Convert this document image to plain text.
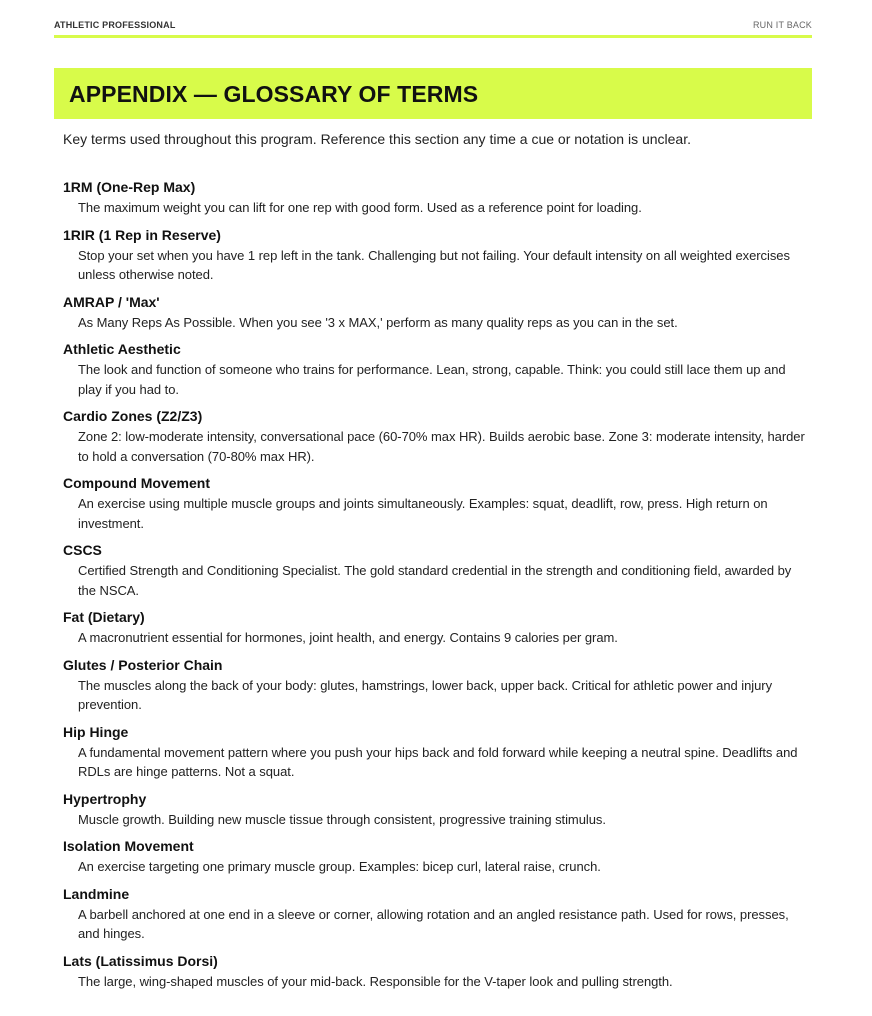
ATHLETIC PROFESSIONAL	RUN IT BACK
APPENDIX — GLOSSARY OF TERMS
Key terms used throughout this program. Reference this section any time a cue or notation is unclear.
1RM (One-Rep Max)
The maximum weight you can lift for one rep with good form. Used as a reference point for loading.
1RIR (1 Rep in Reserve)
Stop your set when you have 1 rep left in the tank. Challenging but not failing. Your default intensity on all weighted exercises unless otherwise noted.
AMRAP / 'Max'
As Many Reps As Possible. When you see '3 x MAX,' perform as many quality reps as you can in the set.
Athletic Aesthetic
The look and function of someone who trains for performance. Lean, strong, capable. Think: you could still lace them up and play if you had to.
Cardio Zones (Z2/Z3)
Zone 2: low-moderate intensity, conversational pace (60-70% max HR). Builds aerobic base. Zone 3: moderate intensity, harder to hold a conversation (70-80% max HR).
Compound Movement
An exercise using multiple muscle groups and joints simultaneously. Examples: squat, deadlift, row, press. High return on investment.
CSCS
Certified Strength and Conditioning Specialist. The gold standard credential in the strength and conditioning field, awarded by the NSCA.
Fat (Dietary)
A macronutrient essential for hormones, joint health, and energy. Contains 9 calories per gram.
Glutes / Posterior Chain
The muscles along the back of your body: glutes, hamstrings, lower back, upper back. Critical for athletic power and injury prevention.
Hip Hinge
A fundamental movement pattern where you push your hips back and fold forward while keeping a neutral spine. Deadlifts and RDLs are hinge patterns. Not a squat.
Hypertrophy
Muscle growth. Building new muscle tissue through consistent, progressive training stimulus.
Isolation Movement
An exercise targeting one primary muscle group. Examples: bicep curl, lateral raise, crunch.
Landmine
A barbell anchored at one end in a sleeve or corner, allowing rotation and an angled resistance path. Used for rows, presses, and hinges.
Lats (Latissimus Dorsi)
The large, wing-shaped muscles of your mid-back. Responsible for the V-taper look and pulling strength.
